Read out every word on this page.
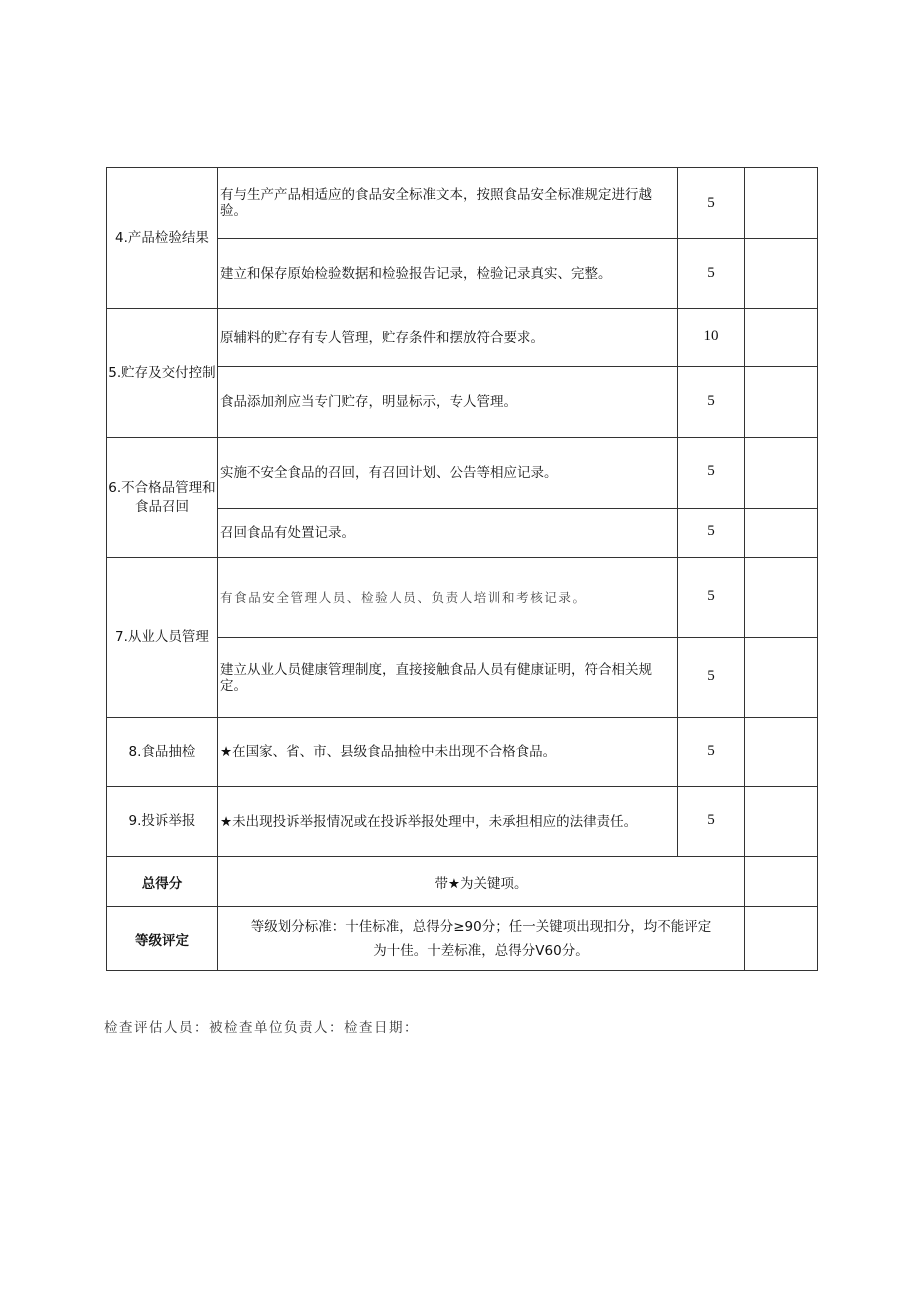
4.产品检验结果	有与生产产品相适应的食品安全标准文本，按照食品安全标准规定进行越验。	5	

	建立和保存原始检验数据和检验报告记录，检验记录真实、完整。	5	

5.贮存及交付控制	原辅料的贮存有专人管理，贮存条件和摆放符合要求。	10	

	食品添加剂应当专门贮存，明显标示，专人管理。	5	

6.不合格品管理和食品召回	实施不安全食品的召回，有召回计划、公告等相应记录。	5	

	召回食品有处置记录。	5	

7.从业人员管理	有食品安全管理人员、检验人员、负责人培训和考核记录。	5	

	建立从业人员健康管理制度，直接接触食品人员有健康证明，符合相关规定。	5	

8.食品抽检	★在国家、省、市、县级食品抽检中未出现不合格食品。	5	

9.投诉举报	★未出现投诉举报情况或在投诉举报处理中，未承担相应的法律责任。	5	

总得分	带★为关键项。		
等级评定	等级划分标准：十佳标准，总得分≥90分；任一关键项出现扣分，均不能评定
为十佳。十差标准，总得分V60分。		

检查评估人员：被检查单位负责人：检查日期：
